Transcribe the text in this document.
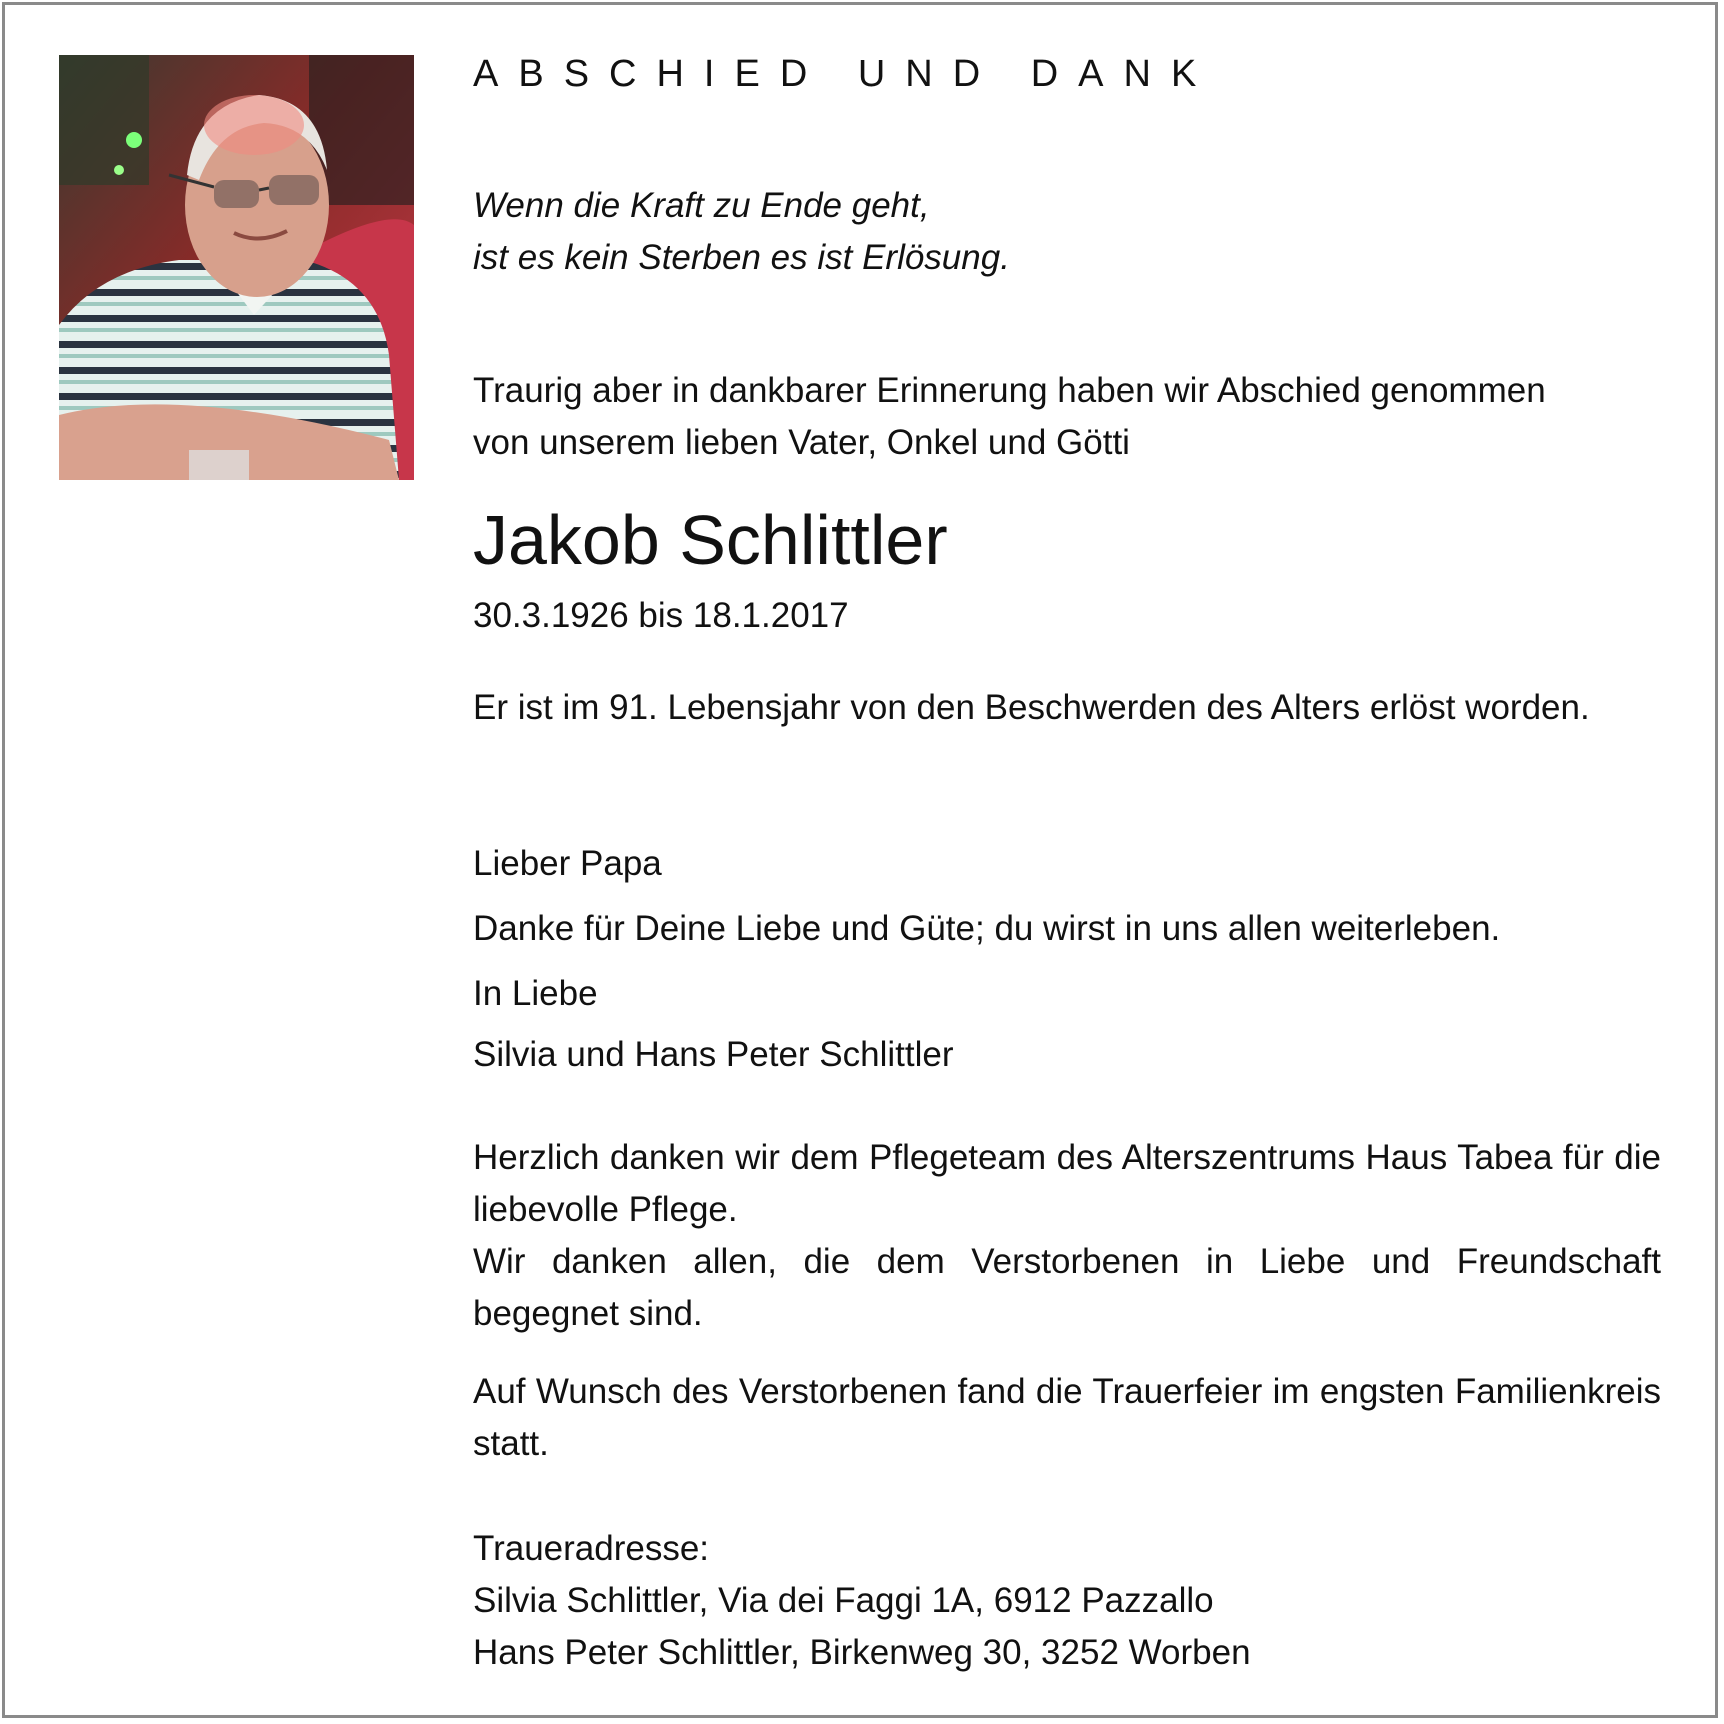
ABSCHIED UND DANK
Wenn die Kraft zu Ende geht,
ist es kein Sterben es ist Erlösung.
Traurig aber in dankbarer Erinnerung haben wir Abschied genommen
von unserem lieben Vater, Onkel und Götti
Jakob Schlittler
30.3.1926 bis 18.1.2017
Er ist im 91. Lebensjahr von den Beschwerden des Alters erlöst worden.
Lieber Papa
Danke für Deine Liebe und Güte; du wirst in uns allen weiterleben.
In Liebe
Silvia und Hans Peter Schlittler
Herzlich danken wir dem Pflegeteam des Alterszentrums Haus Tabea für die liebevolle Pflege.
Wir danken allen, die dem Verstorbenen in Liebe und Freundschaft begegnet sind.
Auf Wunsch des Verstorbenen fand die Trauerfeier im engsten Familienkreis statt.
Traueradresse:
Silvia Schlittler, Via dei Faggi 1A, 6912 Pazzallo
Hans Peter Schlittler, Birkenweg 30, 3252 Worben
